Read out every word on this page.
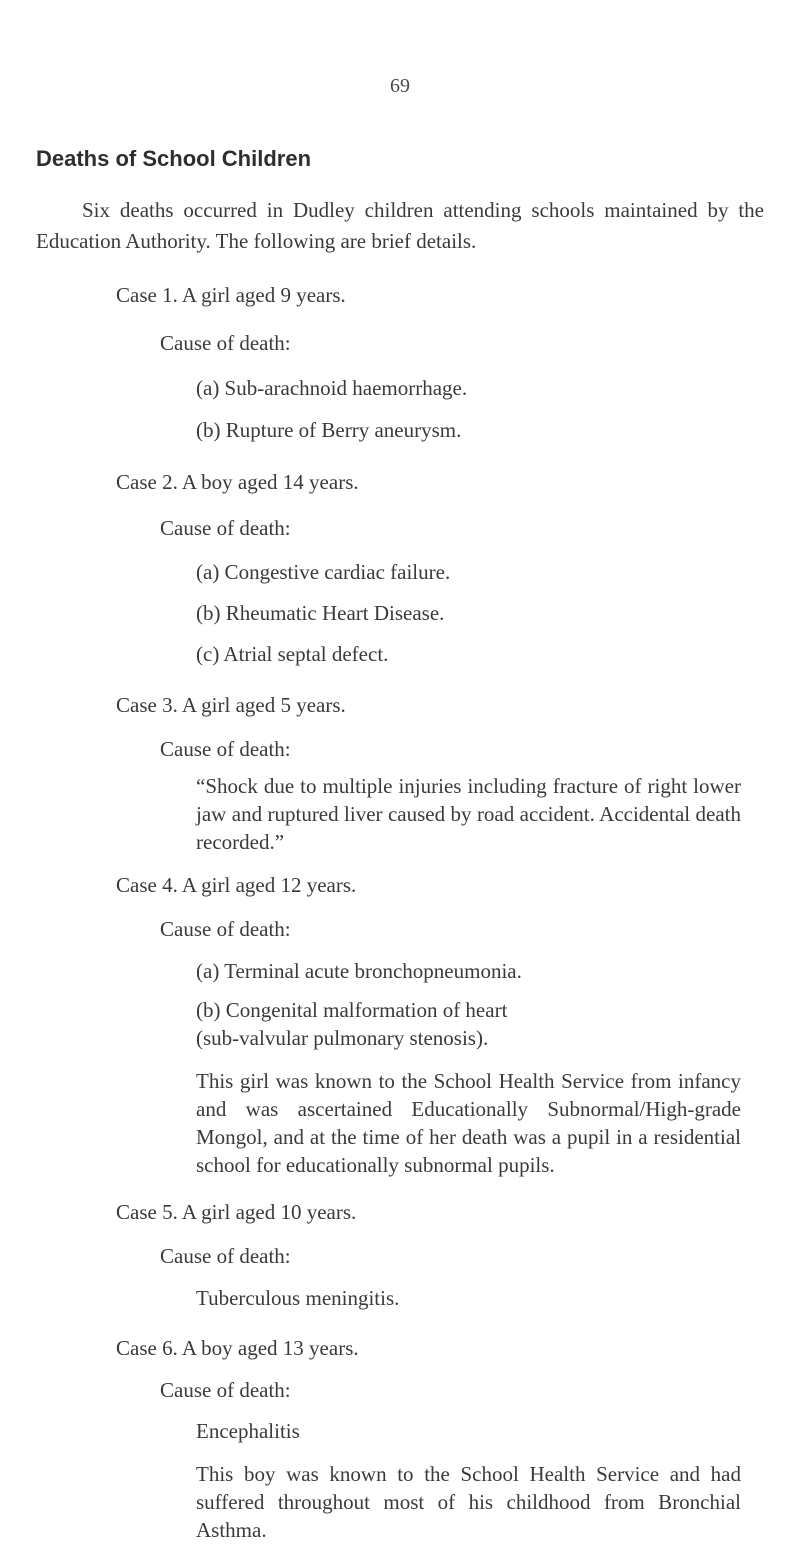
69
Deaths of School Children
Six deaths occurred in Dudley children attending schools maintained by the Education Authority. The following are brief details.
Case 1. A girl aged 9 years.
Cause of death:
(a) Sub-arachnoid haemorrhage.
(b) Rupture of Berry aneurysm.
Case 2. A boy aged 14 years.
Cause of death:
(a) Congestive cardiac failure.
(b) Rheumatic Heart Disease.
(c) Atrial septal defect.
Case 3. A girl aged 5 years.
Cause of death:
“Shock due to multiple injuries including fracture of right lower jaw and ruptured liver caused by road accident. Accidental death recorded.”
Case 4. A girl aged 12 years.
Cause of death:
(a) Terminal acute bronchopneumonia.
(b) Congenital malformation of heart
(sub-valvular pulmonary stenosis).
This girl was known to the School Health Service from infancy and was ascertained Educationally Subnormal/High-grade Mongol, and at the time of her death was a pupil in a residential school for educationally subnormal pupils.
Case 5. A girl aged 10 years.
Cause of death:
Tuberculous meningitis.
Case 6. A boy aged 13 years.
Cause of death:
Encephalitis
This boy was known to the School Health Service and had suffered throughout most of his childhood from Bronchial Asthma.
